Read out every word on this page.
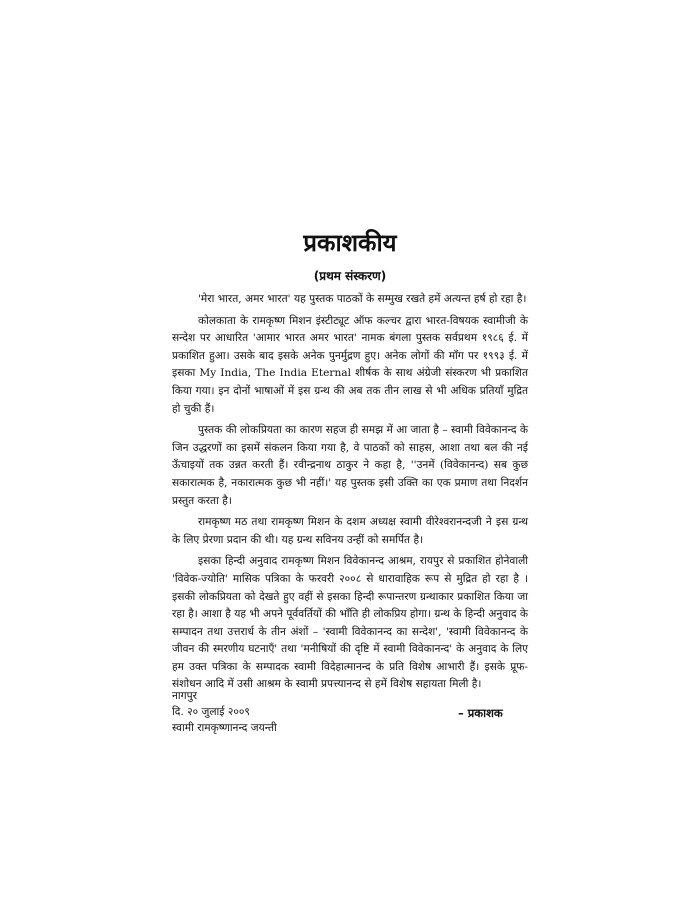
प्रकाशकीय
(प्रथम संस्करण)

'मेरा भारत, अमर भारत' यह पुस्तक पाठकों के सम्मुख रखते हमें अत्यन्त हर्ष हो रहा है।

कोलकाता के रामकृष्ण मिशन इंस्टीट्यूट ऑफ कल्चर द्वारा भारत-विषयक स्वामीजी के सन्देश पर आधारित 'आमार भारत अमर भारत' नामक बंगला पुस्तक सर्वप्रथम १९८६ ई. में प्रकाशित हुआ। उसके बाद इसके अनेक पुनर्मुद्रण हुए। अनेक लोगों की माँग पर १९९३ ई. में इसका My India, The India Eternal शीर्षक के साथ अंग्रेजी संस्करण भी प्रकाशित किया गया। इन दोनों भाषाओं में इस ग्रन्थ की अब तक तीन लाख से भी अधिक प्रतियाँ मुद्रित हो चुकी हैं।

पुस्तक की लोकप्रियता का कारण सहज ही समझ में आ जाता है – स्वामी विवेकानन्द के जिन उद्धरणों का इसमें संकलन किया गया है, वे पाठकों को साहस, आशा तथा बल की नई ऊँचाइयों तक उन्नत करती हैं। रवीन्द्रनाथ ठाकुर ने कहा है, ''उनमें (विवेकानन्द) सब कुछ सकारात्मक है, नकारात्मक कुछ भी नहीं।' यह पुस्तक इसी उक्ति का एक प्रमाण तथा निदर्शन प्रस्तुत करता है।

रामकृष्ण मठ तथा रामकृष्ण मिशन के दशम अध्यक्ष स्वामी वीरेश्वरानन्दजी ने इस ग्रन्थ के लिए प्रेरणा प्रदान की थी। यह ग्रन्थ सविनय उन्हीं को समर्पित है।

इसका हिन्दी अनुवाद रामकृष्ण मिशन विवेकानन्द आश्रम, रायपुर से प्रकाशित होनेवाली 'विवेक-ज्योति' मासिक पत्रिका के फरवरी २००८ से धारावाहिक रूप से मुद्रित हो रहा है । इसकी लोकप्रियता को देखते हुए वहीं से इसका हिन्दी रूपान्तरण ग्रन्थाकार प्रकाशित किया जा रहा है। आशा है यह भी अपने पूर्ववर्तियों की भाँति ही लोकप्रिय होगा। ग्रन्थ के हिन्दी अनुवाद के सम्पादन तथा उत्तरार्ध के तीन अंशों – 'स्वामी विवेकानन्द का सन्देश', 'स्वामी विवेकानन्द के जीवन की स्मरणीय घटनाएँ' तथा 'मनीषियों की दृष्टि में स्वामी विवेकानन्द' के अनुवाद के लिए हम उक्त पत्रिका के सम्पादक स्वामी विदेहात्मानन्द के प्रति विशेष आभारी हैं। इसके प्रूफ-संशोधन आदि में उसी आश्रम के स्वामी प्रपत्त्यानन्द से हमें विशेष सहायता मिली है।

नागपुर
दि. २० जुलाई २००९
स्वामी रामकृष्णानन्द जयन्ती
– प्रकाशक
